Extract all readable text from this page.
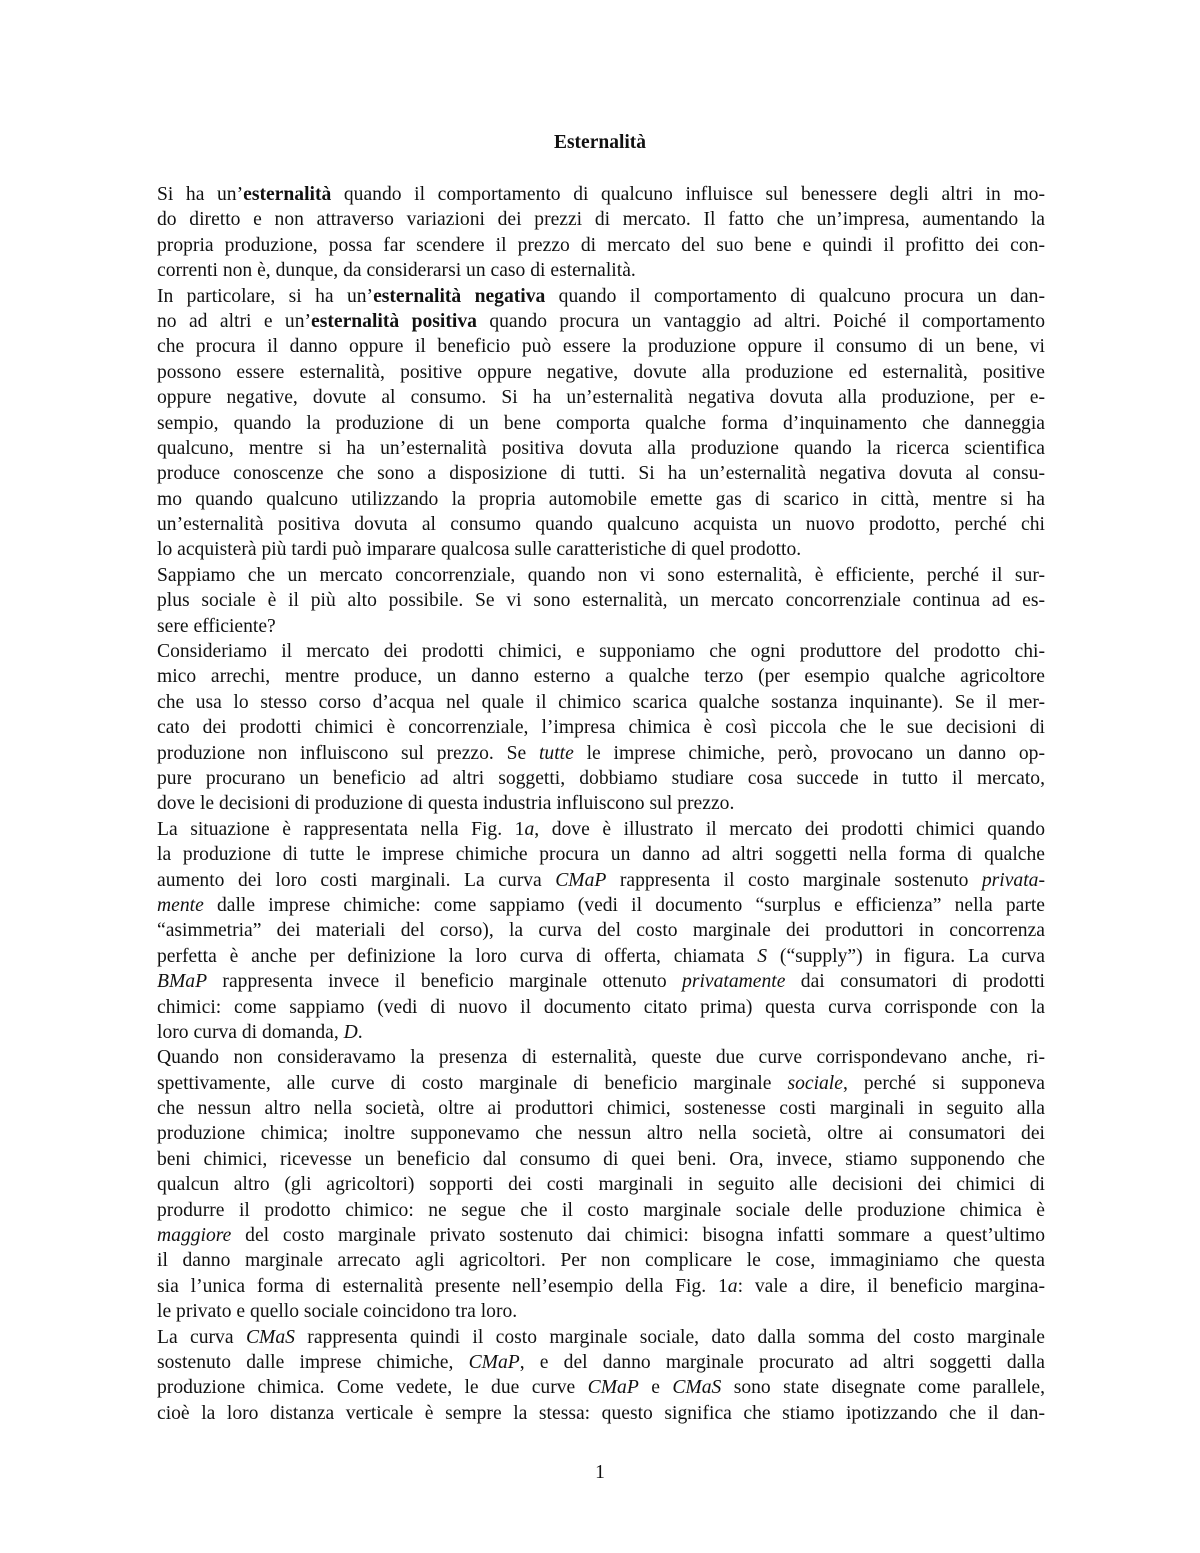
Esternalità
Si ha un’esternalità quando il comportamento di qualcuno influisce sul benessere degli altri in mo-
do diretto e non attraverso variazioni dei prezzi di mercato. Il fatto che un’impresa, aumentando la
propria produzione, possa far scendere il prezzo di mercato del suo bene e quindi il profitto dei con-
correnti non è, dunque, da considerarsi un caso di esternalità.
In particolare, si ha un’esternalità negativa quando il comportamento di qualcuno procura un dan-
no ad altri e un’esternalità positiva quando procura un vantaggio ad altri. Poiché il comportamento
che procura il danno oppure il beneficio può essere la produzione oppure il consumo di un bene, vi
possono essere esternalità, positive oppure negative, dovute alla produzione ed esternalità, positive
oppure negative, dovute al consumo. Si ha un’esternalità negativa dovuta alla produzione, per e-
sempio, quando la produzione di un bene comporta qualche forma d’inquinamento che danneggia
qualcuno, mentre si ha un’esternalità positiva dovuta alla produzione quando la ricerca scientifica
produce conoscenze che sono a disposizione di tutti. Si ha un’esternalità negativa dovuta al consu-
mo quando qualcuno utilizzando la propria automobile emette gas di scarico in città, mentre si ha
un’esternalità positiva dovuta al consumo quando qualcuno acquista un nuovo prodotto, perché chi
lo acquisterà più tardi può imparare qualcosa sulle caratteristiche di quel prodotto.
Sappiamo che un mercato concorrenziale, quando non vi sono esternalità, è efficiente, perché il sur-
plus sociale è il più alto possibile. Se vi sono esternalità, un mercato concorrenziale continua ad es-
sere efficiente?
Consideriamo il mercato dei prodotti chimici, e supponiamo che ogni produttore del prodotto chi-
mico arrechi, mentre produce, un danno esterno a qualche terzo (per esempio qualche agricoltore
che usa lo stesso corso d’acqua nel quale il chimico scarica qualche sostanza inquinante). Se il mer-
cato dei prodotti chimici è concorrenziale, l’impresa chimica è così piccola che le sue decisioni di
produzione non influiscono sul prezzo. Se tutte le imprese chimiche, però, provocano un danno op-
pure procurano un beneficio ad altri soggetti, dobbiamo studiare cosa succede in tutto il mercato,
dove le decisioni di produzione di questa industria influiscono sul prezzo.
La situazione è rappresentata nella Fig. 1a, dove è illustrato il mercato dei prodotti chimici quando
la produzione di tutte le imprese chimiche procura un danno ad altri soggetti nella forma di qualche
aumento dei loro costi marginali. La curva CMaP rappresenta il costo marginale sostenuto privata-
mente dalle imprese chimiche: come sappiamo (vedi il documento “surplus e efficienza” nella parte
“asimmetria” dei materiali del corso), la curva del costo marginale dei produttori in concorrenza
perfetta è anche per definizione la loro curva di offerta, chiamata S (“supply”) in figura. La curva
BMaP rappresenta invece il beneficio marginale ottenuto privatamente dai consumatori di prodotti
chimici: come sappiamo (vedi di nuovo il documento citato prima) questa curva corrisponde con la
loro curva di domanda, D.
Quando non consideravamo la presenza di esternalità, queste due curve corrispondevano anche, ri-
spettivamente, alle curve di costo marginale di beneficio marginale sociale, perché si supponeva
che nessun altro nella società, oltre ai produttori chimici, sostenesse costi marginali in seguito alla
produzione chimica; inoltre supponevamo che nessun altro nella società, oltre ai consumatori dei
beni chimici, ricevesse un beneficio dal consumo di quei beni. Ora, invece, stiamo supponendo che
qualcun altro (gli agricoltori) sopporti dei costi marginali in seguito alle decisioni dei chimici di
produrre il prodotto chimico: ne segue che il costo marginale sociale delle produzione chimica è
maggiore del costo marginale privato sostenuto dai chimici: bisogna infatti sommare a quest’ultimo
il danno marginale arrecato agli agricoltori. Per non complicare le cose, immaginiamo che questa
sia l’unica forma di esternalità presente nell’esempio della Fig. 1a: vale a dire, il beneficio margina-
le privato e quello sociale coincidono tra loro.
La curva CMaS rappresenta quindi il costo marginale sociale, dato dalla somma del costo marginale
sostenuto dalle imprese chimiche, CMaP, e del danno marginale procurato ad altri soggetti dalla
produzione chimica. Come vedete, le due curve CMaP e CMaS sono state disegnate come parallele,
cioè la loro distanza verticale è sempre la stessa: questo significa che stiamo ipotizzando che il dan-
1
